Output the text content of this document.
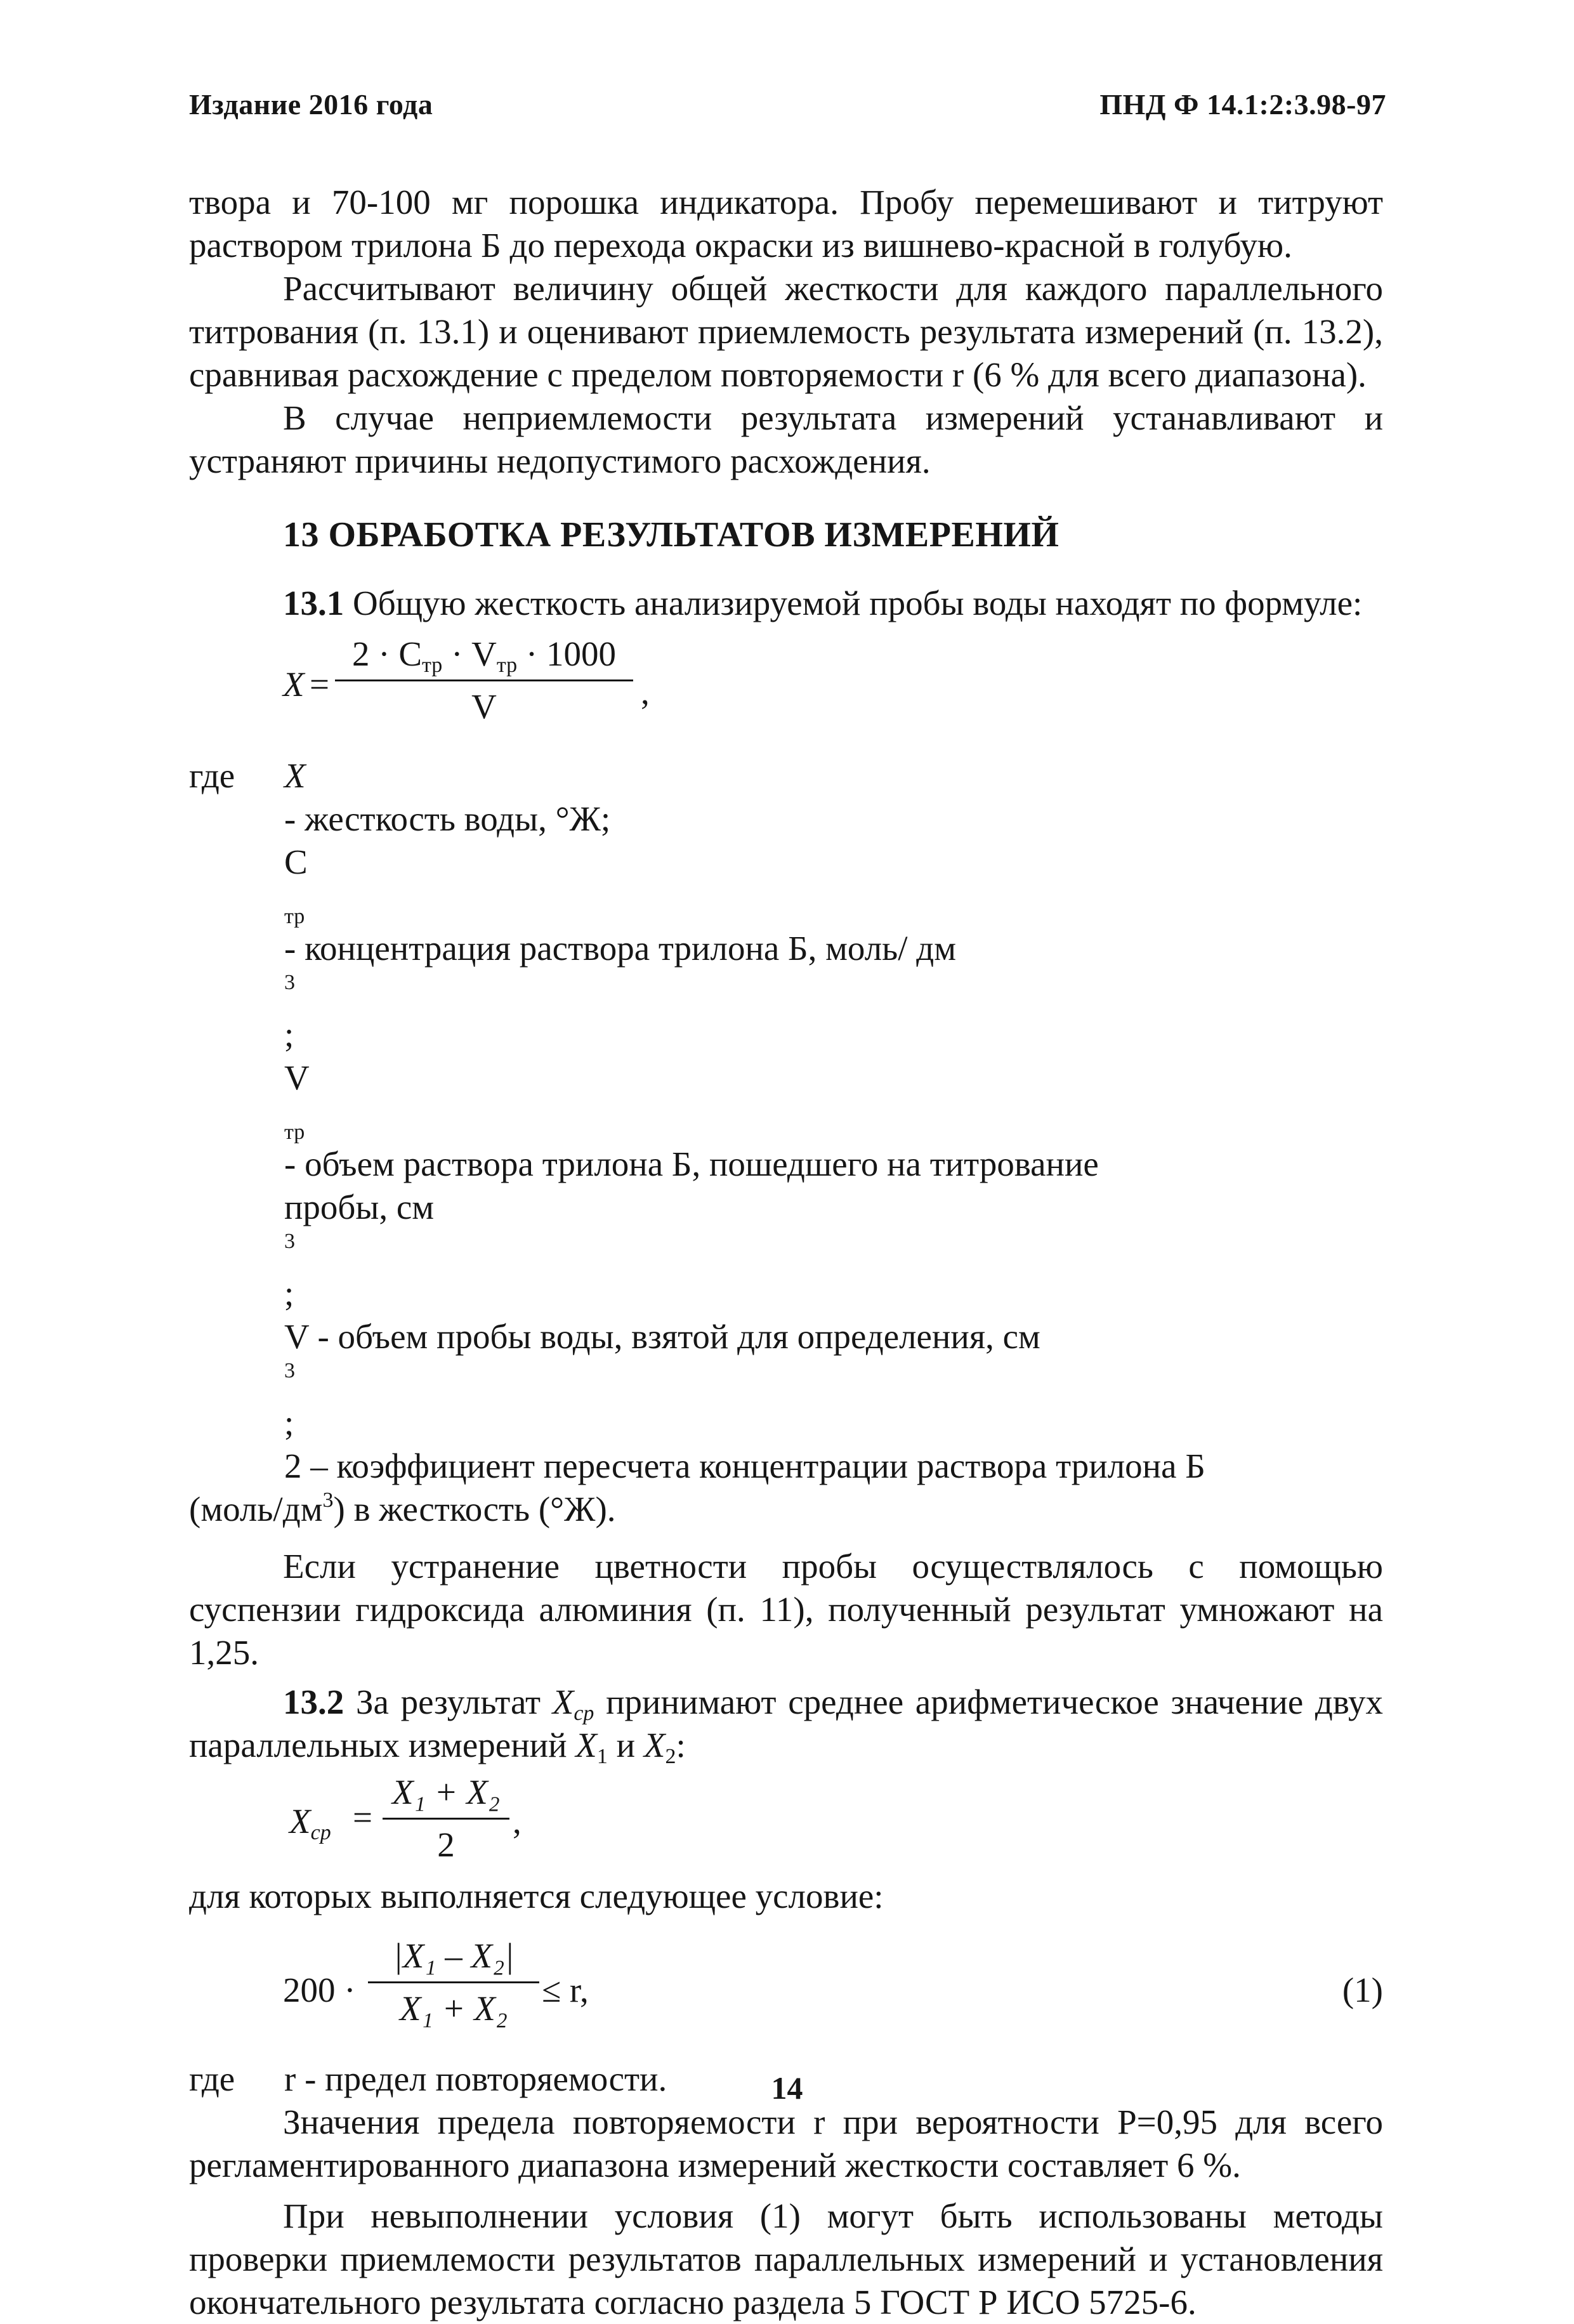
Издание 2016 года	ПНД Ф 14.1:2:3.98-97

твора и 70-100 мг порошка индикатора. Пробу перемешивают и титруют раствором трилона Б до перехода окраски из вишнево-красной в голубую.

Рассчитывают величину общей жесткости для каждого параллельного титрования (п. 13.1) и оценивают приемлемость результата измерений (п. 13.2), сравнивая расхождение с пределом повторяемости r (6 % для всего диапазона).

В случае неприемлемости результата измерений устанавливают и устраняют причины недопустимого расхождения.

13 ОБРАБОТКА РЕЗУЛЬТАТОВ ИЗМЕРЕНИЙ

13.1 Общую жесткость анализируемой пробы воды находят по формуле:

X =
$2 \cdot C_{тр} \cdot V_{тр} \cdot 1000$
V	,
где X
- жесткость воды, °Ж;
C
$_{тр}$
- концентрация раствора трилона Б, моль/ дм
$^3$
;
V
$_{тр}$
- объем раствора трилона Б, пошедшего на титрование
пробы, см
$^3$
;
V - объем пробы воды, взятой для определения, см
$^3$
;
2 – коэффициент пересчета концентрации раствора трилона Б
$(моль/дм^3)$ в жесткость (°Ж).

Если устранение цветности пробы осуществлялось с помощью суспензии гидроксида алюминия (п. 11), полученный результат умножают на 1,25.

13.2 За результат $X_{ср}$ принимают среднее арифметическое значение двух параллельных измерений $X_1$ и $X_2$:

$X_{ср}$ =
X₁ + X₂
2
,

для которых выполняется следующее условие:

200 ·
|X₁ – X₂|
X₁ + X₂ ≤ r,	(1)
где r - предел повторяемости.

Значения предела повторяемости r при вероятности P=0,95 для всего регламентированного диапазона измерений жесткости составляет 6 %.

При невыполнении условия (1) могут быть использованы методы проверки приемлемости результатов параллельных измерений и установления окончательного результата согласно раздела 5 ГОСТ Р ИСО 5725-6.

14
